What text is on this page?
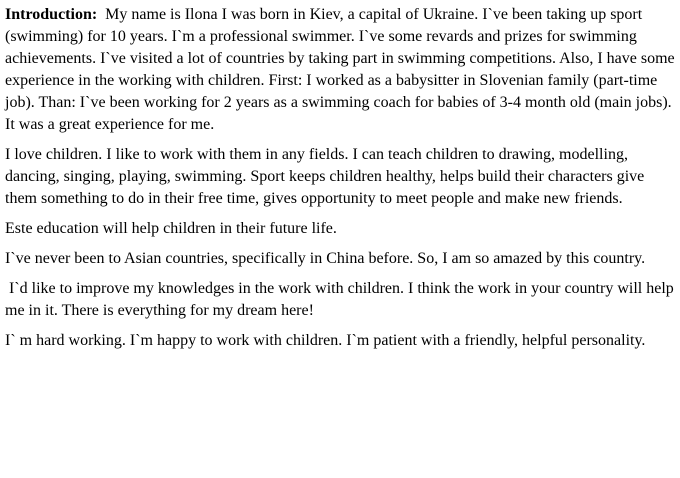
Introduction:  My name is Ilona I was born in Kiev, a capital of Ukraine. I`ve been taking up sport (swimming) for 10 years. I`m a professional swimmer. I`ve some revards and prizes for swimming achievements. I`ve visited a lot of countries by taking part in swimming competitions. Also, I have some experience in the working with children. First: I worked as a babysitter in Slovenian family (part-time job). Than: I`ve been working for 2 years as a swimming coach for babies of 3-4 month old (main jobs). It was a great experience for me.

I love children. I like to work with them in any fields. I can teach children to drawing, modelling, dancing, singing, playing, swimming. Sport keeps children healthy, helps build their characters give them something to do in their free time, gives opportunity to meet people and make new friends.

Este education will help children in their future life.

I`ve never been to Asian countries, specifically in China before. So, I am so amazed by this country.

I`d like to improve my knowledges in the work with children. I think the work in your country will help me in it. There is everything for my dream here!

I` m hard working. I`m happy to work with children. I`m patient with a friendly, helpful personality.
